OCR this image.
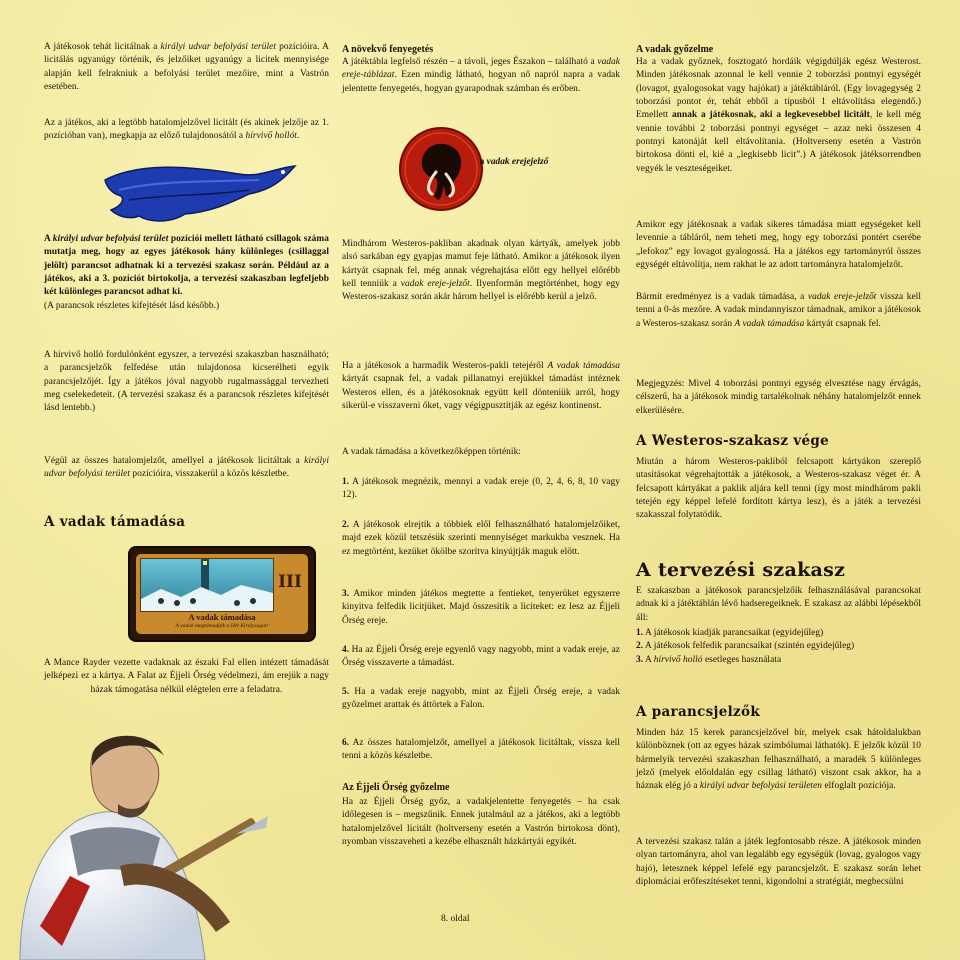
A játékosok tehát licitálnak a királyi udvar befolyási terület pozícióira. A licitálás ugyanúgy történik, és jelzőiket ugyanúgy a licitek mennyisége alapján kell felrakniuk a befolyási terület mezőire, mint a Vastrón esetében.

Az a játékos, aki a legtöbb hatalomjelzővel licitált (és akinek jelzője az 1. pozícióban van), megkapja az előző tulajdonosától a hírvivő hollót.

A királyi udvar befolyási terület pozíciói mellett látható csillagok száma mutatja meg, hogy az egyes játékosok hány különleges (csillaggal jelölt) parancsot adhatnak ki a tervezési szakasz során. Például az a játékos, aki a 3. pozíciót birtokolja, a tervezési szakaszban legfeljebb két különleges parancsot adhat ki.
(A parancsok részletes kifejtését lásd később.)

A hírvivő holló fordulónként egyszer, a tervezési szakaszban használható; a parancsjelzők felfedése után tulajdonosa kicserélheti egyik parancsjelzőjét. Így a játékos jóval nagyobb rugalmassággal tervezheti meg cselekedeteit. (A tervezési szakasz és a parancsok részletes kifejtését lásd lentebb.)

Végül az összes hatalomjelzőt, amellyel a játékosok licitáltak a királyi udvar befolyási terület pozícióira, visszakerül a közös készletbe.

A vadak támadása
III
A vadak támadása
A vadak megtámadják a Hét Királyságot!

A Mance Rayder vezette vadaknak az északi Fal ellen intézett támadását jelképezi ez a kártya. A Falat az Éjjeli Őrség védelmezi, ám erejük a nagy házak támogatása nélkül elégtelen erre a feladatra.

A növekvő fenyegetés

A játéktábla legfelső részén – a távoli, jeges Északon – található a vadak ereje-táblázat. Ezen mindig látható, hogyan nő napról napra a vadak jelentette fenyegetés, hogyan gyarapodnak számban és erőben.

a vadak erejejelző

Mindhárom Westeros-pakliban akadnak olyan kártyák, amelyek jobb alsó sarkában egy gyapjas mamut feje látható. Amikor a játékosok ilyen kártyát csapnak fel, még annak végrehajtása előtt egy hellyel előrébb kell tenniük a vadak ereje-jelzőt. Ilyenformán megtörténhet, hogy egy Westeros-szakasz során akár három hellyel is előrébb kerül a jelző.

Ha a játékosok a harmadik Westeros-pakli tetejéről A vadak támadása kártyát csapnak fel, a vadak pillanatnyi erejükkel támadást intéznek Westeros ellen, és a játékosoknak együtt kell dönteniük arról, hogy sikerül-e visszaverni őket, vagy végigpusztítják az egész kontinenst.

A vadak támadása a következőképpen történik:

1. A játékosok megnézik, mennyi a vadak ereje (0, 2, 4, 6, 8, 10 vagy 12).

2. A játékosok elrejtik a többiek elől felhasználható hatalomjelzőiket, majd ezek közül tetszésük szerinti mennyiséget markukba vesznek. Ha ez megtörtént, kezüket ökölbe szorítva kinyújtják maguk elött.

3. Amikor minden játékos megtette a fentieket, tenyerüket egyszerre kinyitva felfedik licitjüket. Majd összesítik a liciteket: ez lesz az Éjjeli Őrség ereje.

4. Ha az Éjjeli Őrség ereje egyenlő vagy nagyobb, mint a vadak ereje, az Őrség visszaverte a támadást.

5. Ha a vadak ereje nagyobb, mint az Éjjeli Őrség ereje, a vadak győzelmet arattak és áttörtek a Falon.

6. Az összes hatalomjelzőt, amellyel a játékosok licitáltak, vissza kell tenni a közös készletbe.

Az Éjjeli Őrség győzelme

Ha az Éjjeli Őrség győz, a vadakjelentette fenyegetés – ha csak időlegesen is – megszűnik. Ennek jutalmául az a játékos, aki a legtöbb hatalomjelzővel licitált (holtverseny esetén a Vastrón birtokosa dönt), nyomban visszaveheti a kezébe elhasznált házkártyái egyikét.

8. oldal
A vadak győzelme

Ha a vadak győznek, fosztogató hordáik végigdúlják egész Westerost. Minden játékosnak azonnal le kell vennie 2 toborzási pontnyi egységét (lovagot, gyalogosokat vagy hajókat) a játéktábláról. (Egy lovagegység 2 toborzási pontot ér, tehát ebből a típusból 1 eltávolítása elegendő.) Emellett annak a játékosnak, aki a legkevesebbel licitált, le kell még vennie további 2 toborzási pontnyi egységet – azaz neki összesen 4 pontnyi katonáját kell eltávolítania. (Holtverseny esetén a Vastrón birtokosa dönti el, kié a „legkisebb licit”.) A játékosok játéksorrendben vegyék le veszteségeiket.

Amikor egy játékosnak a vadak sikeres támadása miatt egységeket kell levennie a tábláról, nem teheti meg, hogy egy toborzási pontért cserébe „lefokoz” egy lovagot gyalogossá. Ha a játékos egy tartományról összes egységét eltávolítja, nem rakhat le az adott tartományra hatalomjelzőt.

Bármit eredményez is a vadak támadása, a vadak ereje-jelzőt vissza kell tenni a 0-ás mezőre. A vadak mindannyiszor támadnak, amikor a játékosok a Westeros-szakasz során A vadak támadása kártyát csapnak fel.

Megjegyzés: Mivel 4 toborzási pontnyi egység elvesztése nagy érvágás, célszerű, ha a játékosok mindig tartalékolnak néhány hatalomjelzőt ennek elkerülésére.

A Westeros-szakasz vége

Miután a három Westeros-pakliból felcsapott kártyákon szereplő utasításokat végrehajtották a játékosok, a Westeros-szakasz véget ér. A felcsapott kártyákat a paklik aljára kell tenni (így most mindhárom pakli tetején egy képpel lefelé fordított kártya lesz), és a játék a tervezési szakasszal folytatódik.

A tervezési szakasz

E szakaszban a játékosok parancsjelzőik felhasználásával parancsokat adnak ki a játéktáblán lévő hadseregeiknek. E szakasz az alábbi lépésekből áll:

1. A játékosok kiadják parancsaikat (egyidejűleg)

2. A játékosok felfedik parancsaikat (szintén egyidejűleg)

3. A hírvivő holló esetleges használata

A parancsjelzők

Minden ház 15 kerek parancsjelzővel bír, melyek csak hátoldalukban különböznek (ott az egyes házak szimbólumai láthatók). E jelzők közül 10 bármelyik tervezési szakaszban felhasználható, a maradék 5 különleges jelző (melyek előoldalán egy csillag látható) viszont csak akkor, ha a háznak elég jó a királyi udvar befolyási területen elfoglalt pozíciója.

A tervezési szakasz talán a játék legfontosabb része. A játékosok minden olyan tartományra, ahol van legalább egy egységük (lovag, gyalogos vagy hajó), letesznek képpel lefelé egy parancsjelzőt. E szakasz során lehet diplomáciai erőfeszítéseket tenni, kigondolni a stratégiát, megbecsülni
